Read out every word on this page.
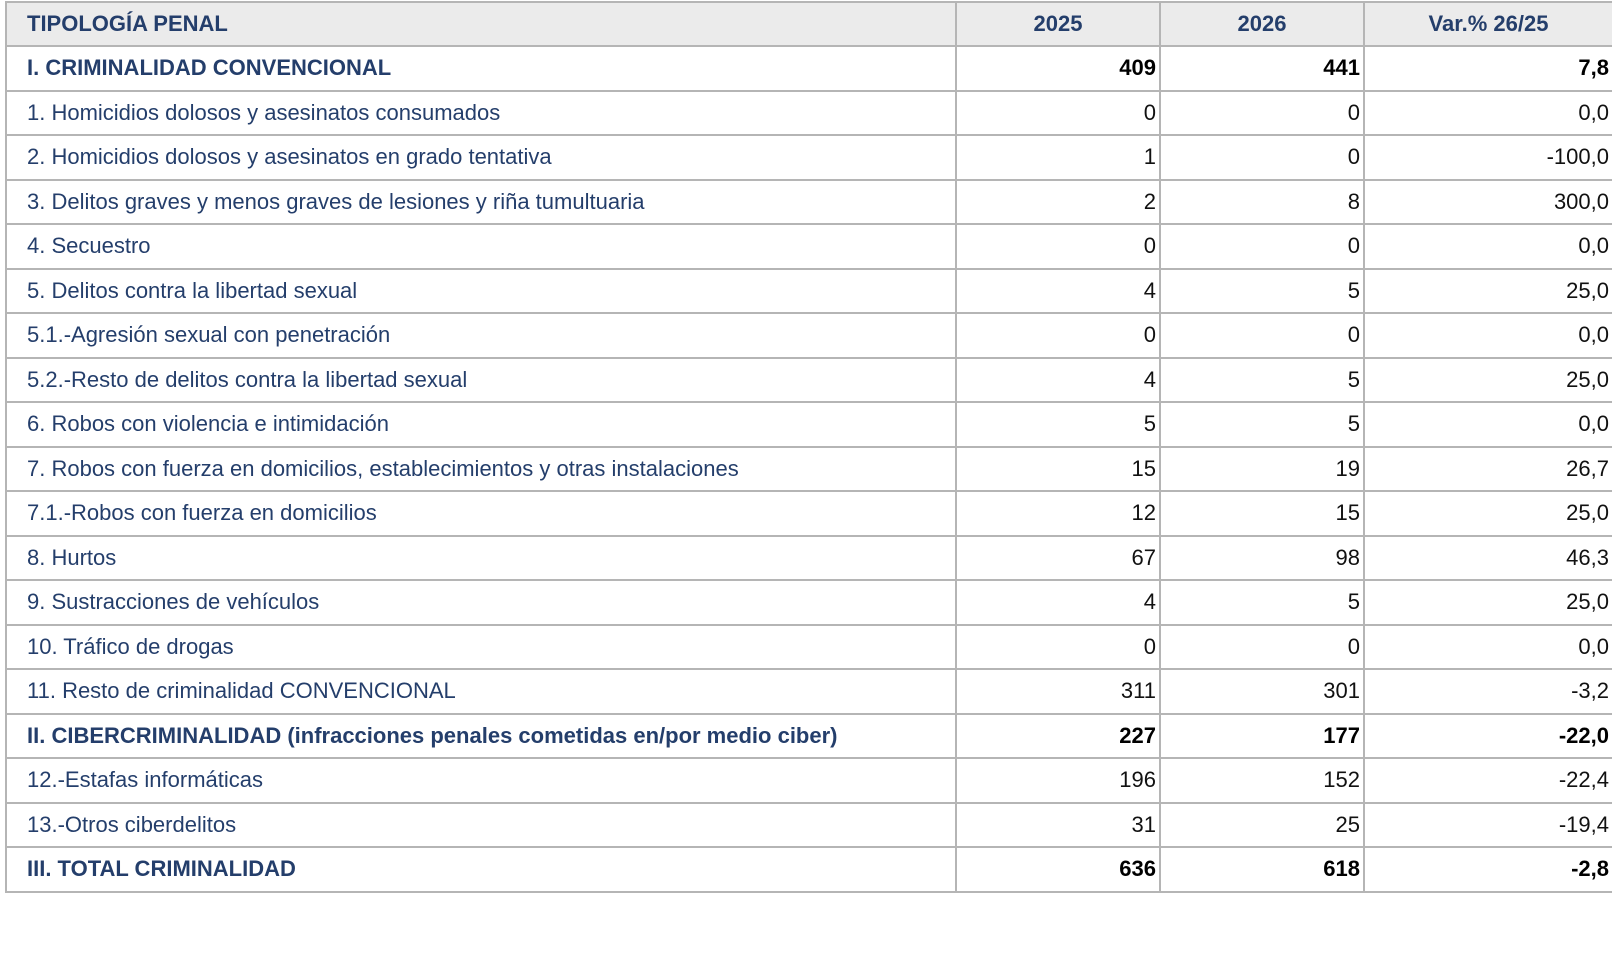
TIPOLOGÍA PENAL	2025	2026	Var.% 26/25
I. CRIMINALIDAD CONVENCIONAL	409	441	7,8
1. Homicidios dolosos y asesinatos consumados	0	0	0,0
2. Homicidios dolosos y asesinatos en grado tentativa	1	0	-100,0
3. Delitos graves y menos graves de lesiones y riña tumultuaria	2	8	300,0
4. Secuestro	0	0	0,0
5. Delitos contra la libertad sexual	4	5	25,0
5.1.-Agresión sexual con penetración	0	0	0,0
5.2.-Resto de delitos contra la libertad sexual	4	5	25,0
6. Robos con violencia e intimidación	5	5	0,0
7. Robos con fuerza en domicilios, establecimientos y otras instalaciones	15	19	26,7
7.1.-Robos con fuerza en domicilios	12	15	25,0
8. Hurtos	67	98	46,3
9. Sustracciones de vehículos	4	5	25,0
10. Tráfico de drogas	0	0	0,0
11. Resto de criminalidad CONVENCIONAL	311	301	-3,2
II. CIBERCRIMINALIDAD (infracciones penales cometidas en/por medio ciber)	227	177	-22,0
12.-Estafas informáticas	196	152	-22,4
13.-Otros ciberdelitos	31	25	-19,4
III. TOTAL CRIMINALIDAD	636	618	-2,8
